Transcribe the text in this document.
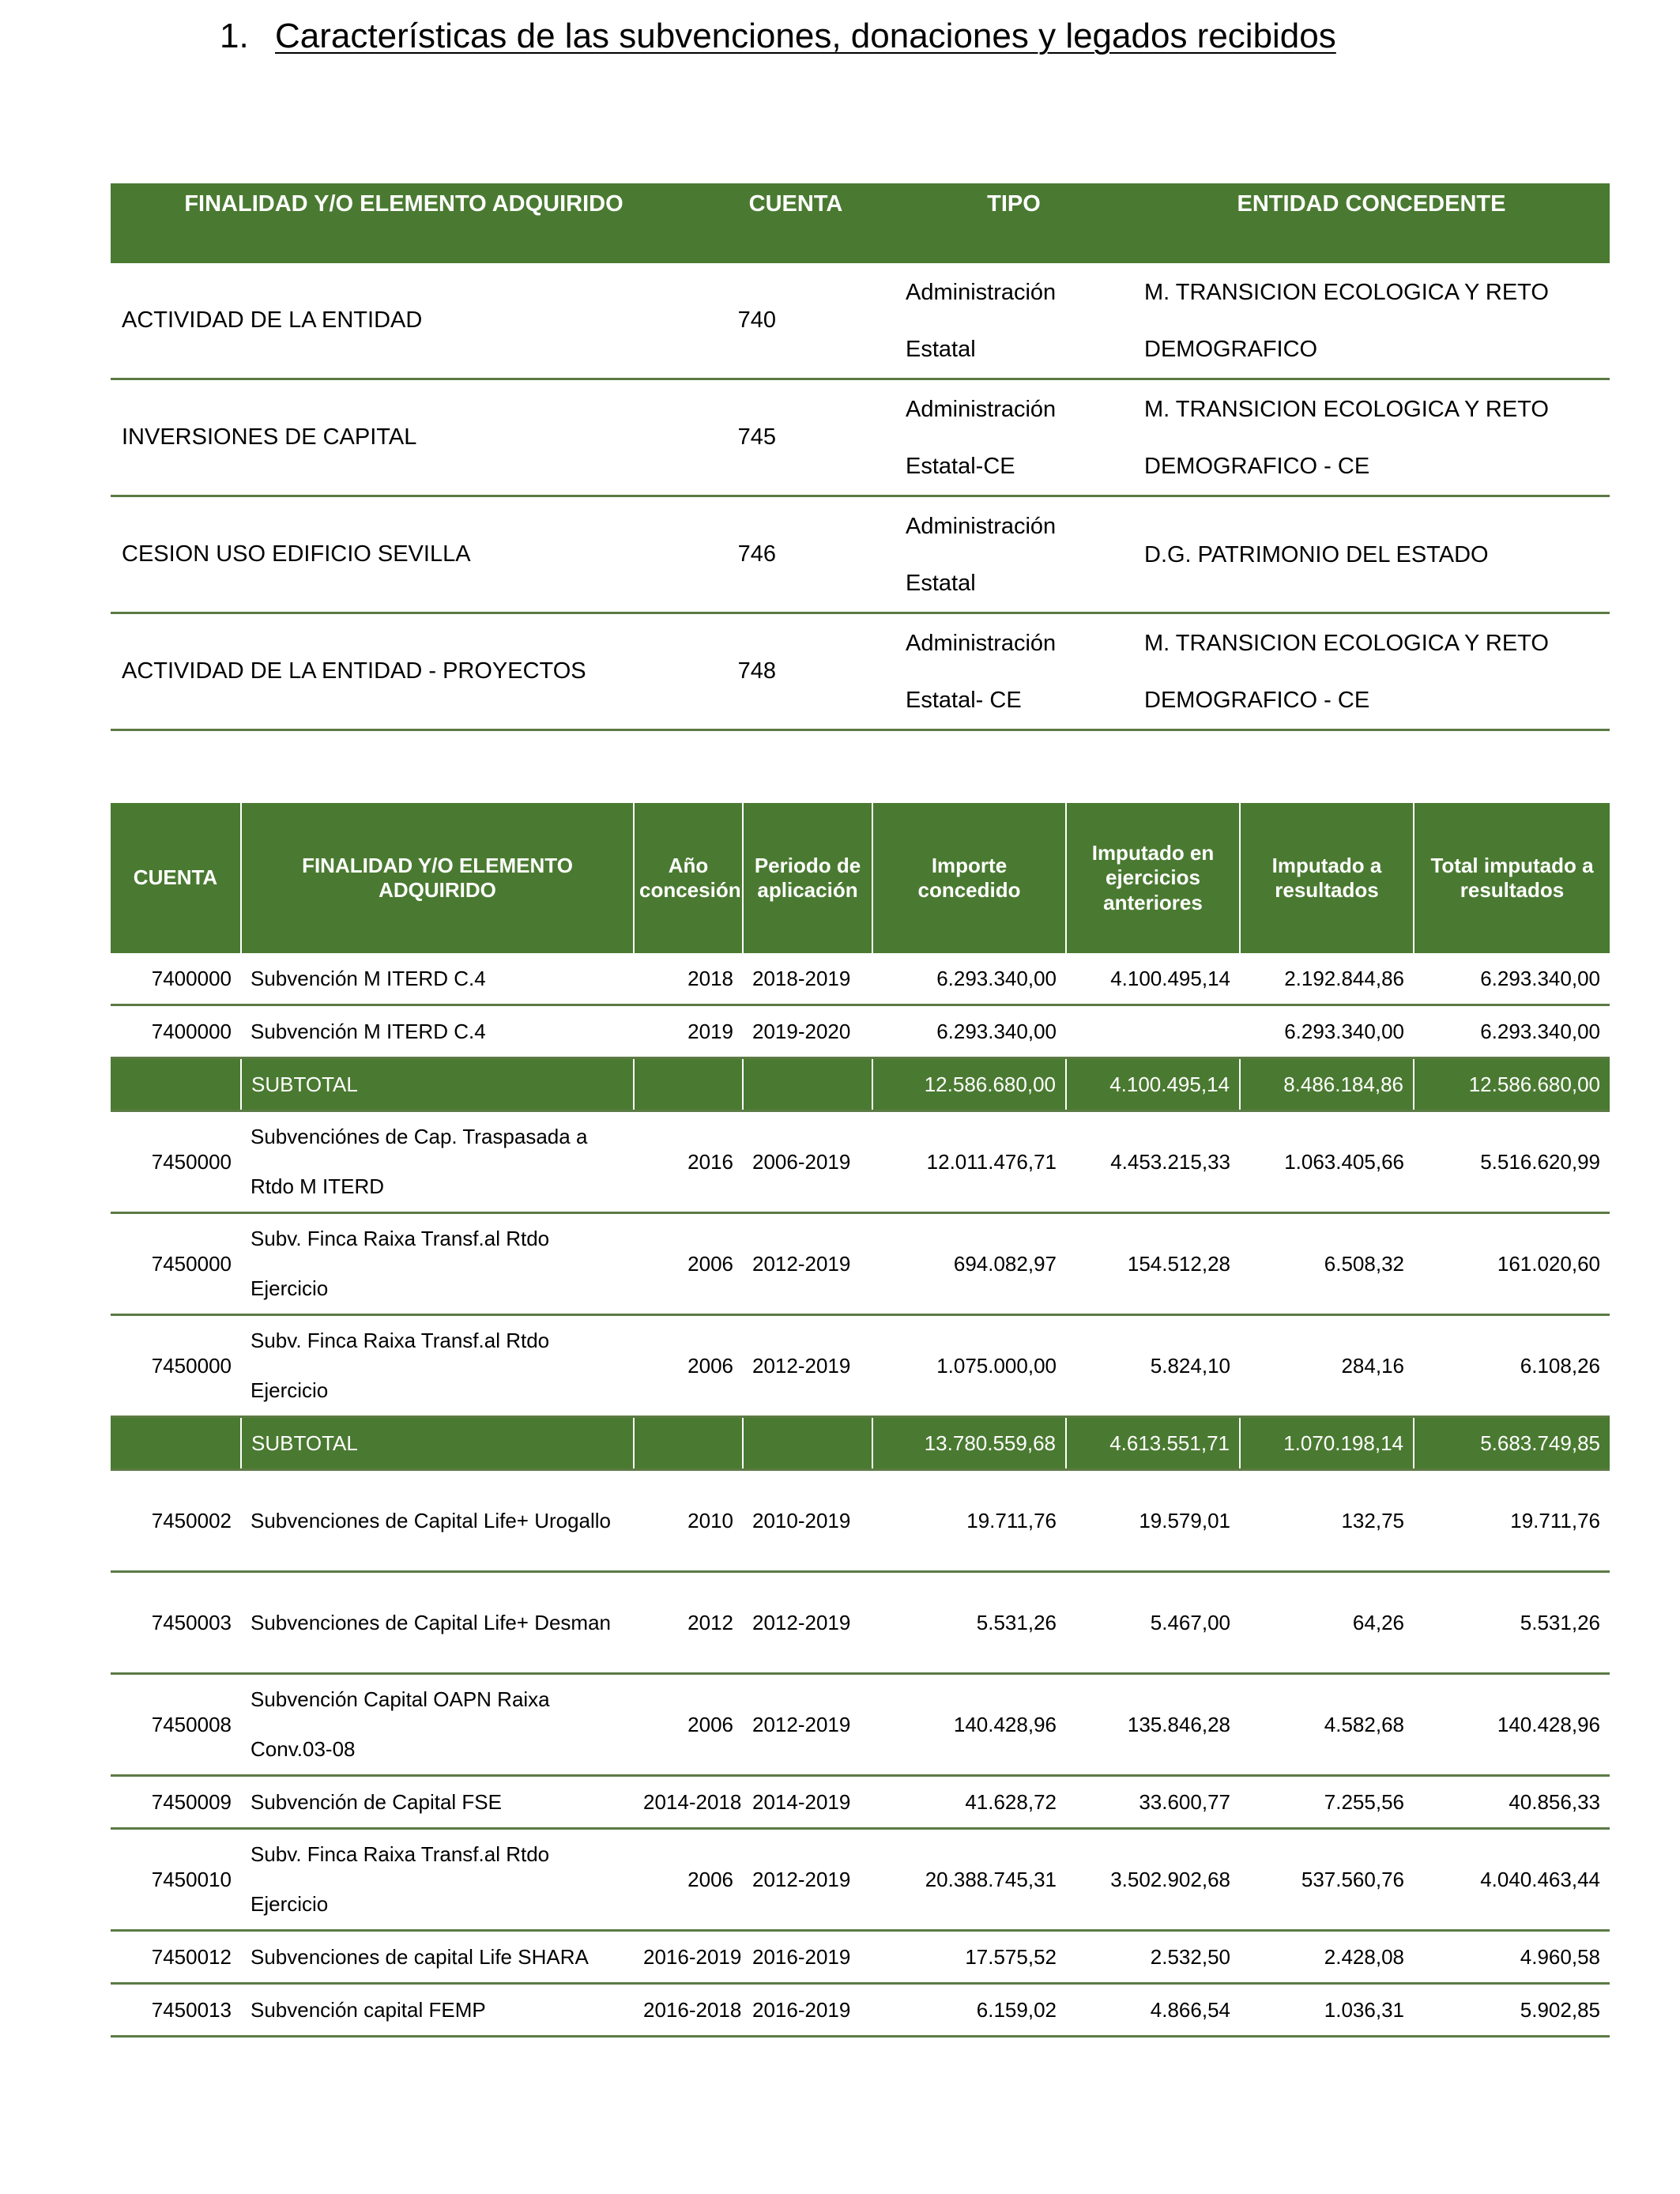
1. Características de las subvenciones, donaciones y legados recibidos
FINALIDAD Y/O ELEMENTO ADQUIRIDO	CUENTA	TIPO	ENTIDAD CONCEDENTE
ACTIVIDAD DE LA ENTIDAD	740	Administración Estatal	M. TRANSICION ECOLOGICA Y RETO DEMOGRAFICO
INVERSIONES DE CAPITAL	745	Administración Estatal-CE	M. TRANSICION ECOLOGICA Y RETO DEMOGRAFICO - CE
CESION USO EDIFICIO SEVILLA	746	Administración Estatal	D.G. PATRIMONIO DEL ESTADO
ACTIVIDAD DE LA ENTIDAD - PROYECTOS	748	Administración Estatal- CE	M. TRANSICION ECOLOGICA Y RETO DEMOGRAFICO - CE
CUENTA	FINALIDAD Y/O ELEMENTO ADQUIRIDO	Año concesión	Periodo de aplicación	Importe concedido	Imputado en ejercicios anteriores	Imputado a resultados	Total imputado a resultados
7400000	Subvención M ITERD C.4	2018	2018-2019	6.293.340,00	4.100.495,14	2.192.844,86	6.293.340,00
7400000	Subvención M ITERD C.4	2019	2019-2020	6.293.340,00		6.293.340,00	6.293.340,00
	SUBTOTAL			12.586.680,00	4.100.495,14	8.486.184,86	12.586.680,00
7450000	Subvenciónes de Cap. Traspasada a Rtdo M ITERD	2016	2006-2019	12.011.476,71	4.453.215,33	1.063.405,66	5.516.620,99
7450000	Subv. Finca Raixa Transf.al Rtdo Ejercicio	2006	2012-2019	694.082,97	154.512,28	6.508,32	161.020,60
7450000	Subv. Finca Raixa Transf.al Rtdo Ejercicio	2006	2012-2019	1.075.000,00	5.824,10	284,16	6.108,26
	SUBTOTAL			13.780.559,68	4.613.551,71	1.070.198,14	5.683.749,85
7450002	Subvenciones de Capital Life+ Urogallo	2010	2010-2019	19.711,76	19.579,01	132,75	19.711,76
7450003	Subvenciones de Capital Life+ Desman	2012	2012-2019	5.531,26	5.467,00	64,26	5.531,26
7450008	Subvención Capital OAPN Raixa Conv.03-08	2006	2012-2019	140.428,96	135.846,28	4.582,68	140.428,96
7450009	Subvención de Capital FSE	2014-2018	2014-2019	41.628,72	33.600,77	7.255,56	40.856,33
7450010	Subv. Finca Raixa Transf.al Rtdo Ejercicio	2006	2012-2019	20.388.745,31	3.502.902,68	537.560,76	4.040.463,44
7450012	Subvenciones de capital Life SHARA	2016-2019	2016-2019	17.575,52	2.532,50	2.428,08	4.960,58
7450013	Subvención capital FEMP	2016-2018	2016-2019	6.159,02	4.866,54	1.036,31	5.902,85
